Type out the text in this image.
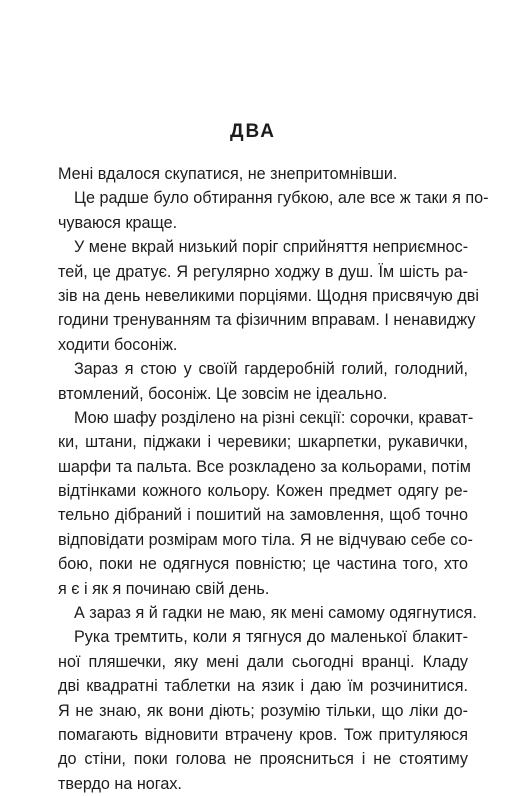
ДВА
Мені вдалося скупатися, не знепритомнівши.
Це радше було обтирання губкою, але все ж таки я по-
чуваюся краще.
У мене вкрай низький поріг сприйняття неприємнос-
тей, це дратує. Я регулярно ходжу в душ. Їм шість ра-
зів на день невеликими порціями. Щодня присвячую дві
години тренуванням та фізичним вправам. І ненавиджу
ходити босоніж.
Зараз я стою у своїй гардеробній голий, голодний,
втомлений, босоніж. Це зовсім не ідеально.
Мою шафу розділено на різні секції: сорочки, крават-
ки, штани, піджаки і черевики; шкарпетки, рукавички,
шарфи та пальта. Все розкладено за кольорами, потім
відтінками кожного кольору. Кожен предмет одягу ре-
тельно дібраний і пошитий на замовлення, щоб точно
відповідати розмірам мого тіла. Я не відчуваю себе со-
бою, поки не одягнуся повністю; це частина того, хто
я є і як я починаю свій день.
А зараз я й гадки не маю, як мені самому одягнутися.
Рука тремтить, коли я тягнуся до маленької блакит-
ної пляшечки, яку мені дали сьогодні вранці. Кладу
дві квадратні таблетки на язик і даю їм розчинитися.
Я не знаю, як вони діють; розумію тільки, що ліки до-
помагають відновити втрачену кров. Тож притуляюся
до стіни, поки голова не проясниться і не стоятиму
твердо на ногах.
